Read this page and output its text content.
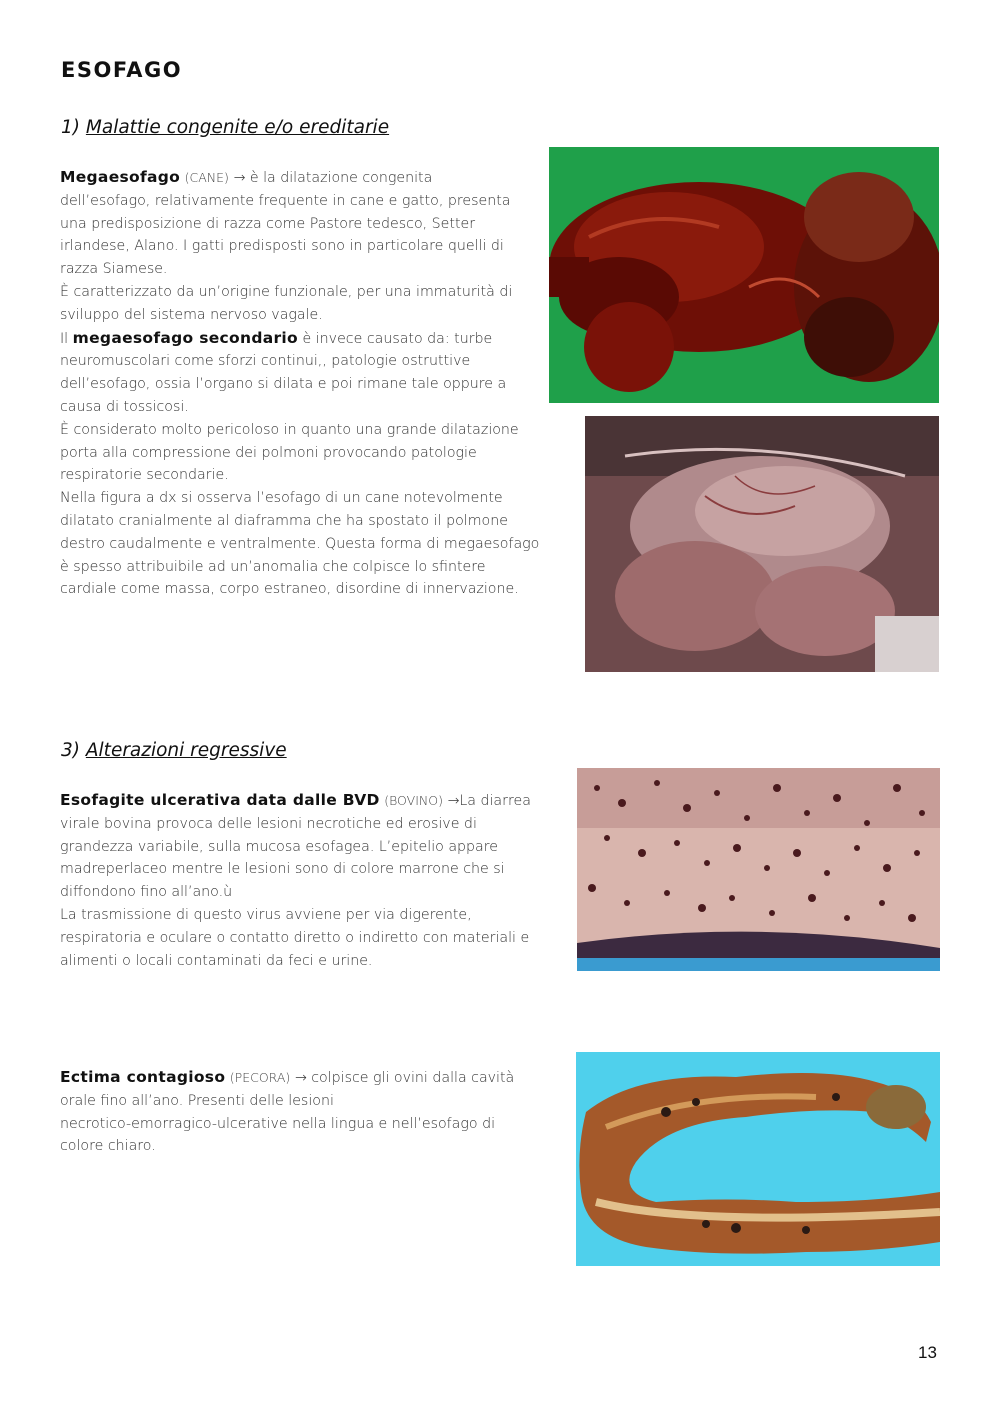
ESOFAGO
1) Malattie congenite e/o ereditarie
Megaesofago (CANE) → è la dilatazione congenita
dell’esofago, relativamente frequente in cane e gatto, presenta
una predisposizione di razza come Pastore tedesco, Setter
irlandese, Alano. I gatti predisposti sono in particolare quelli di
razza Siamese.
È caratterizzato da un’origine funzionale, per una immaturità di
sviluppo del sistema nervoso vagale.
Il megaesofago secondario è invece causato da: turbe
neuromuscolari come sforzi continui,, patologie ostruttive
dell’esofago, ossia l’organo si dilata e poi rimane tale oppure a
causa di tossicosi.
È considerato molto pericoloso in quanto una grande dilatazione
porta alla compressione dei polmoni provocando patologie
respiratorie secondarie.
Nella figura a dx si osserva l’esofago di un cane notevolmente
dilatato cranialmente al diaframma che ha spostato il polmone
destro caudalmente e ventralmente. Questa forma di megaesofago
è spesso attribuibile ad un’anomalia che colpisce lo sfintere
cardiale come massa, corpo estraneo, disordine di innervazione.
3) Alterazioni regressive
Esofagite ulcerativa data dalle BVD (BOVINO) →La diarrea
virale bovina provoca delle lesioni necrotiche ed erosive di
grandezza variabile, sulla mucosa esofagea. L’epitelio appare
madreperlaceo mentre le lesioni sono di colore marrone che si
diffondono fino all’ano.ù
La trasmissione di questo virus avviene per via digerente,
respiratoria e oculare o contatto diretto o indiretto con materiali e
alimenti o locali contaminati da feci e urine.
Ectima contagioso (PECORA) → colpisce gli ovini dalla cavità
orale fino all’ano. Presenti delle lesioni
necrotico-emorragico-ulcerative nella lingua e nell’esofago di
colore chiaro.
13
